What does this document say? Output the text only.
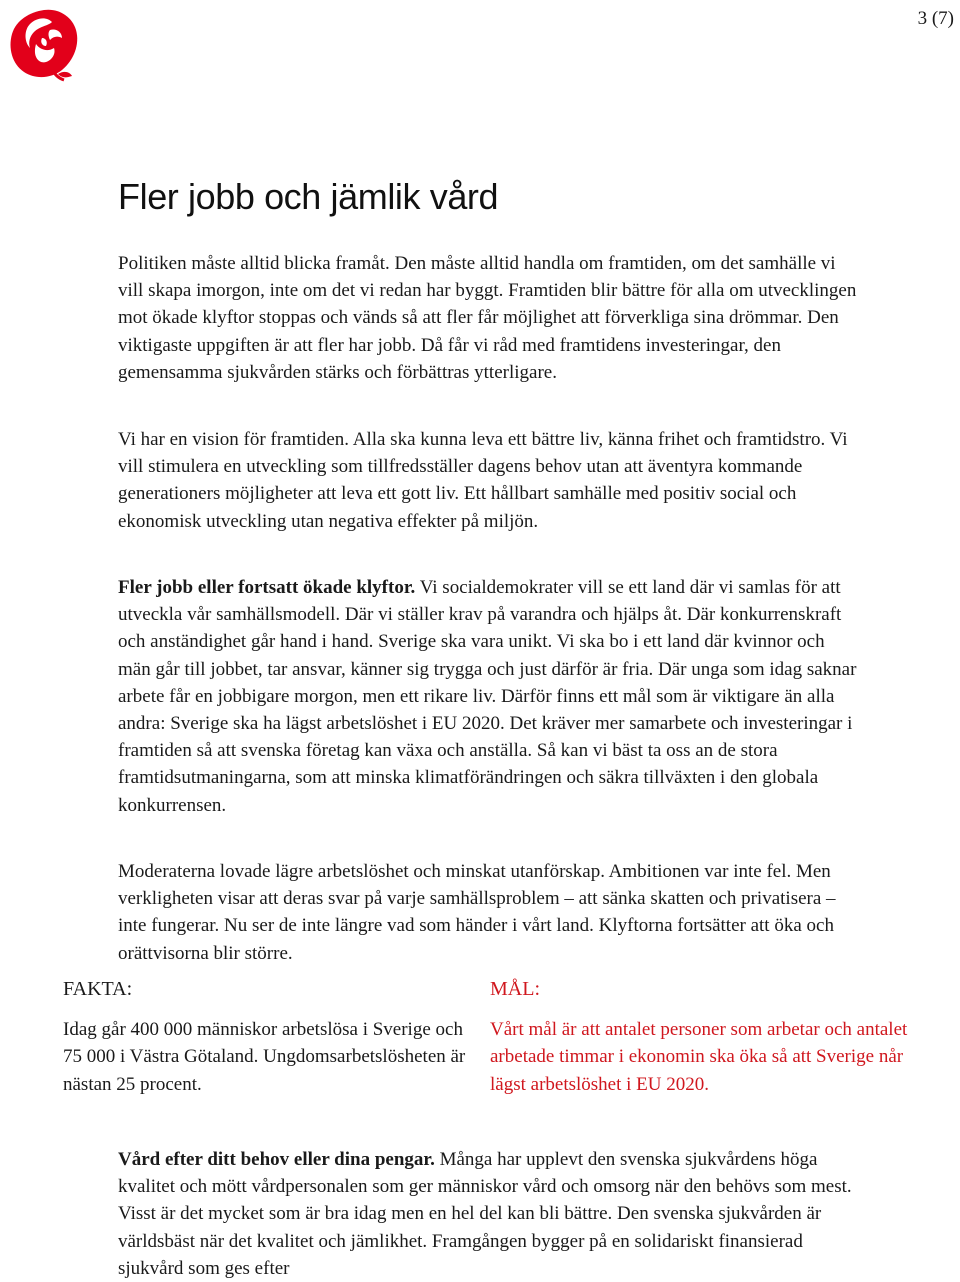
3 (7)
Fler jobb och jämlik vård

Politiken måste alltid blicka framåt. Den måste alltid handla om framtiden, om det samhälle vi vill skapa imorgon, inte om det vi redan har byggt. Framtiden blir bättre för alla om utvecklingen mot ökade klyftor stoppas och vänds så att fler får möjlighet att förverkliga sina drömmar. Den viktigaste uppgiften är att fler har jobb. Då får vi råd med framtidens investeringar, den gemensamma sjukvården stärks och förbättras ytterligare.

Vi har en vision för framtiden. Alla ska kunna leva ett bättre liv, känna frihet och framtidstro. Vi vill stimulera en utveckling som tillfredsställer dagens behov utan att äventyra kommande generationers möjligheter att leva ett gott liv. Ett hållbart samhälle med positiv social och ekonomisk utveckling utan negativa effekter på miljön.

Fler jobb eller fortsatt ökade klyftor. Vi socialdemokrater vill se ett land där vi samlas för att utveckla vår samhällsmodell. Där vi ställer krav på varandra och hjälps åt. Där konkurrenskraft och anständighet går hand i hand. Sverige ska vara unikt. Vi ska bo i ett land där kvinnor och män går till jobbet, tar ansvar, känner sig trygga och just därför är fria. Där unga som idag saknar arbete får en jobbigare morgon, men ett rikare liv. Därför finns ett mål som är viktigare än alla andra: Sverige ska ha lägst arbetslöshet i EU 2020. Det kräver mer samarbete och investeringar i framtiden så att svenska företag kan växa och anställa. Så kan vi bäst ta oss an de stora framtidsutmaningarna, som att minska klimatförändringen och säkra tillväxten i den globala konkurrensen.

Moderaterna lovade lägre arbetslöshet och minskat utanförskap. Ambitionen var inte fel. Men verkligheten visar att deras svar på varje samhällsproblem – att sänka skatten och privatisera – inte fungerar. Nu ser de inte längre vad som händer i vårt land. Klyftorna fortsätter att öka och orättvisorna blir större.

FAKTA:	MÅL:
Idag går 400 000 människor arbetslösa i Sverige och 75 000 i Västra Götaland. Ungdomsarbetslösheten är nästan 25 procent.
Vårt mål är att antalet personer som arbetar och antalet arbetade timmar i ekonomin ska öka så att Sverige når lägst arbetslöshet i EU 2020.

Vård efter ditt behov eller dina pengar. Många har upplevt den svenska sjukvårdens höga kvalitet och mött vårdpersonalen som ger människor vård och omsorg när den behövs som mest. Visst är det mycket som är bra idag men en hel del kan bli bättre. Den svenska sjukvården är världsbäst när det kvalitet och jämlikhet. Framgången bygger på en solidariskt finansierad sjukvård som ges efter
